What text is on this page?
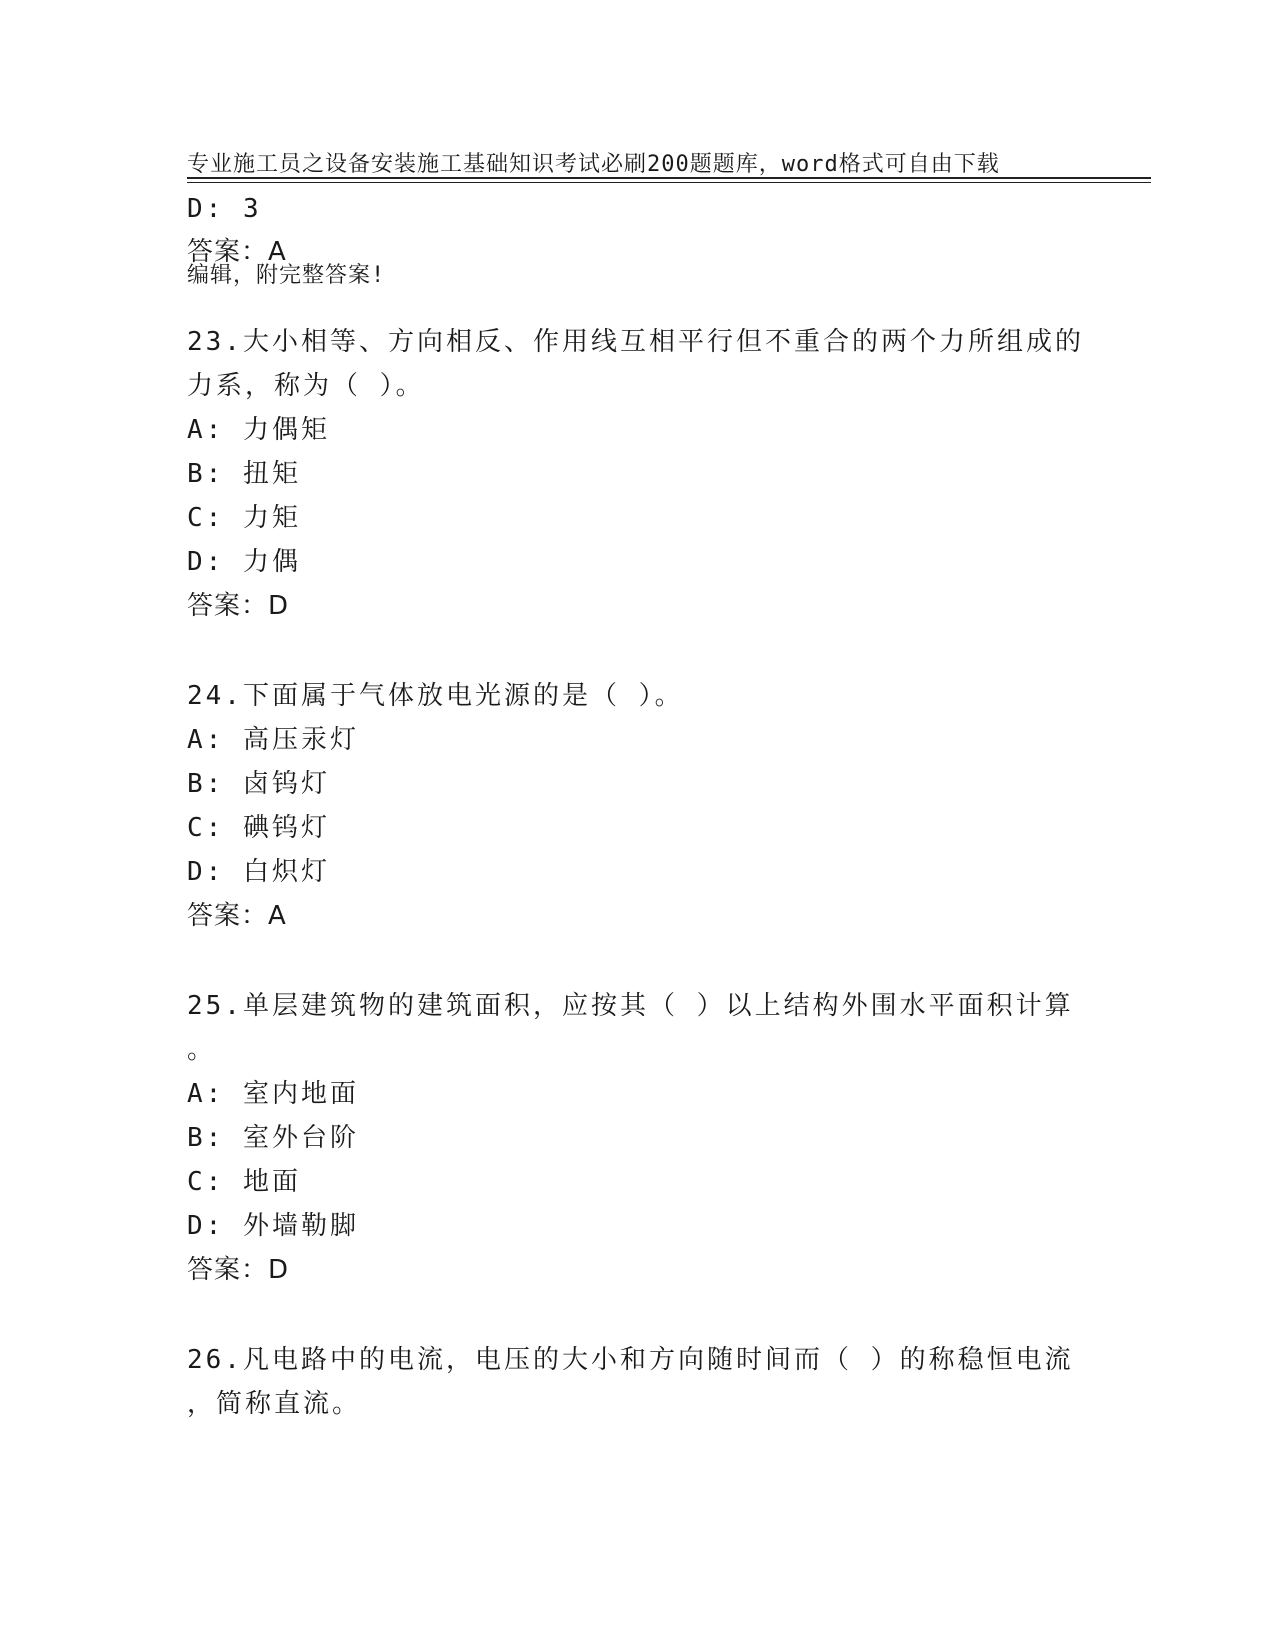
专业施工员之设备安装施工基础知识考试必刷200题题库，word格式可自由下载

编辑，附完整答案!

D: 3
答案：A
23.大小相等、方向相反、作用线互相平行但不重合的两个力所组成的
力系，称为（ ）。
A: 力偶矩
B: 扭矩
C: 力矩
D: 力偶
答案：D
24.下面属于气体放电光源的是（ ）。
A: 高压汞灯
B: 卤钨灯
C: 碘钨灯
D: 白炽灯
答案：A
25.单层建筑物的建筑面积，应按其（ ）以上结构外围水平面积计算
。
A: 室内地面
B: 室外台阶
C: 地面
D: 外墙勒脚
答案：D
26.凡电路中的电流，电压的大小和方向随时间而（ ）的称稳恒电流
，简称直流。
